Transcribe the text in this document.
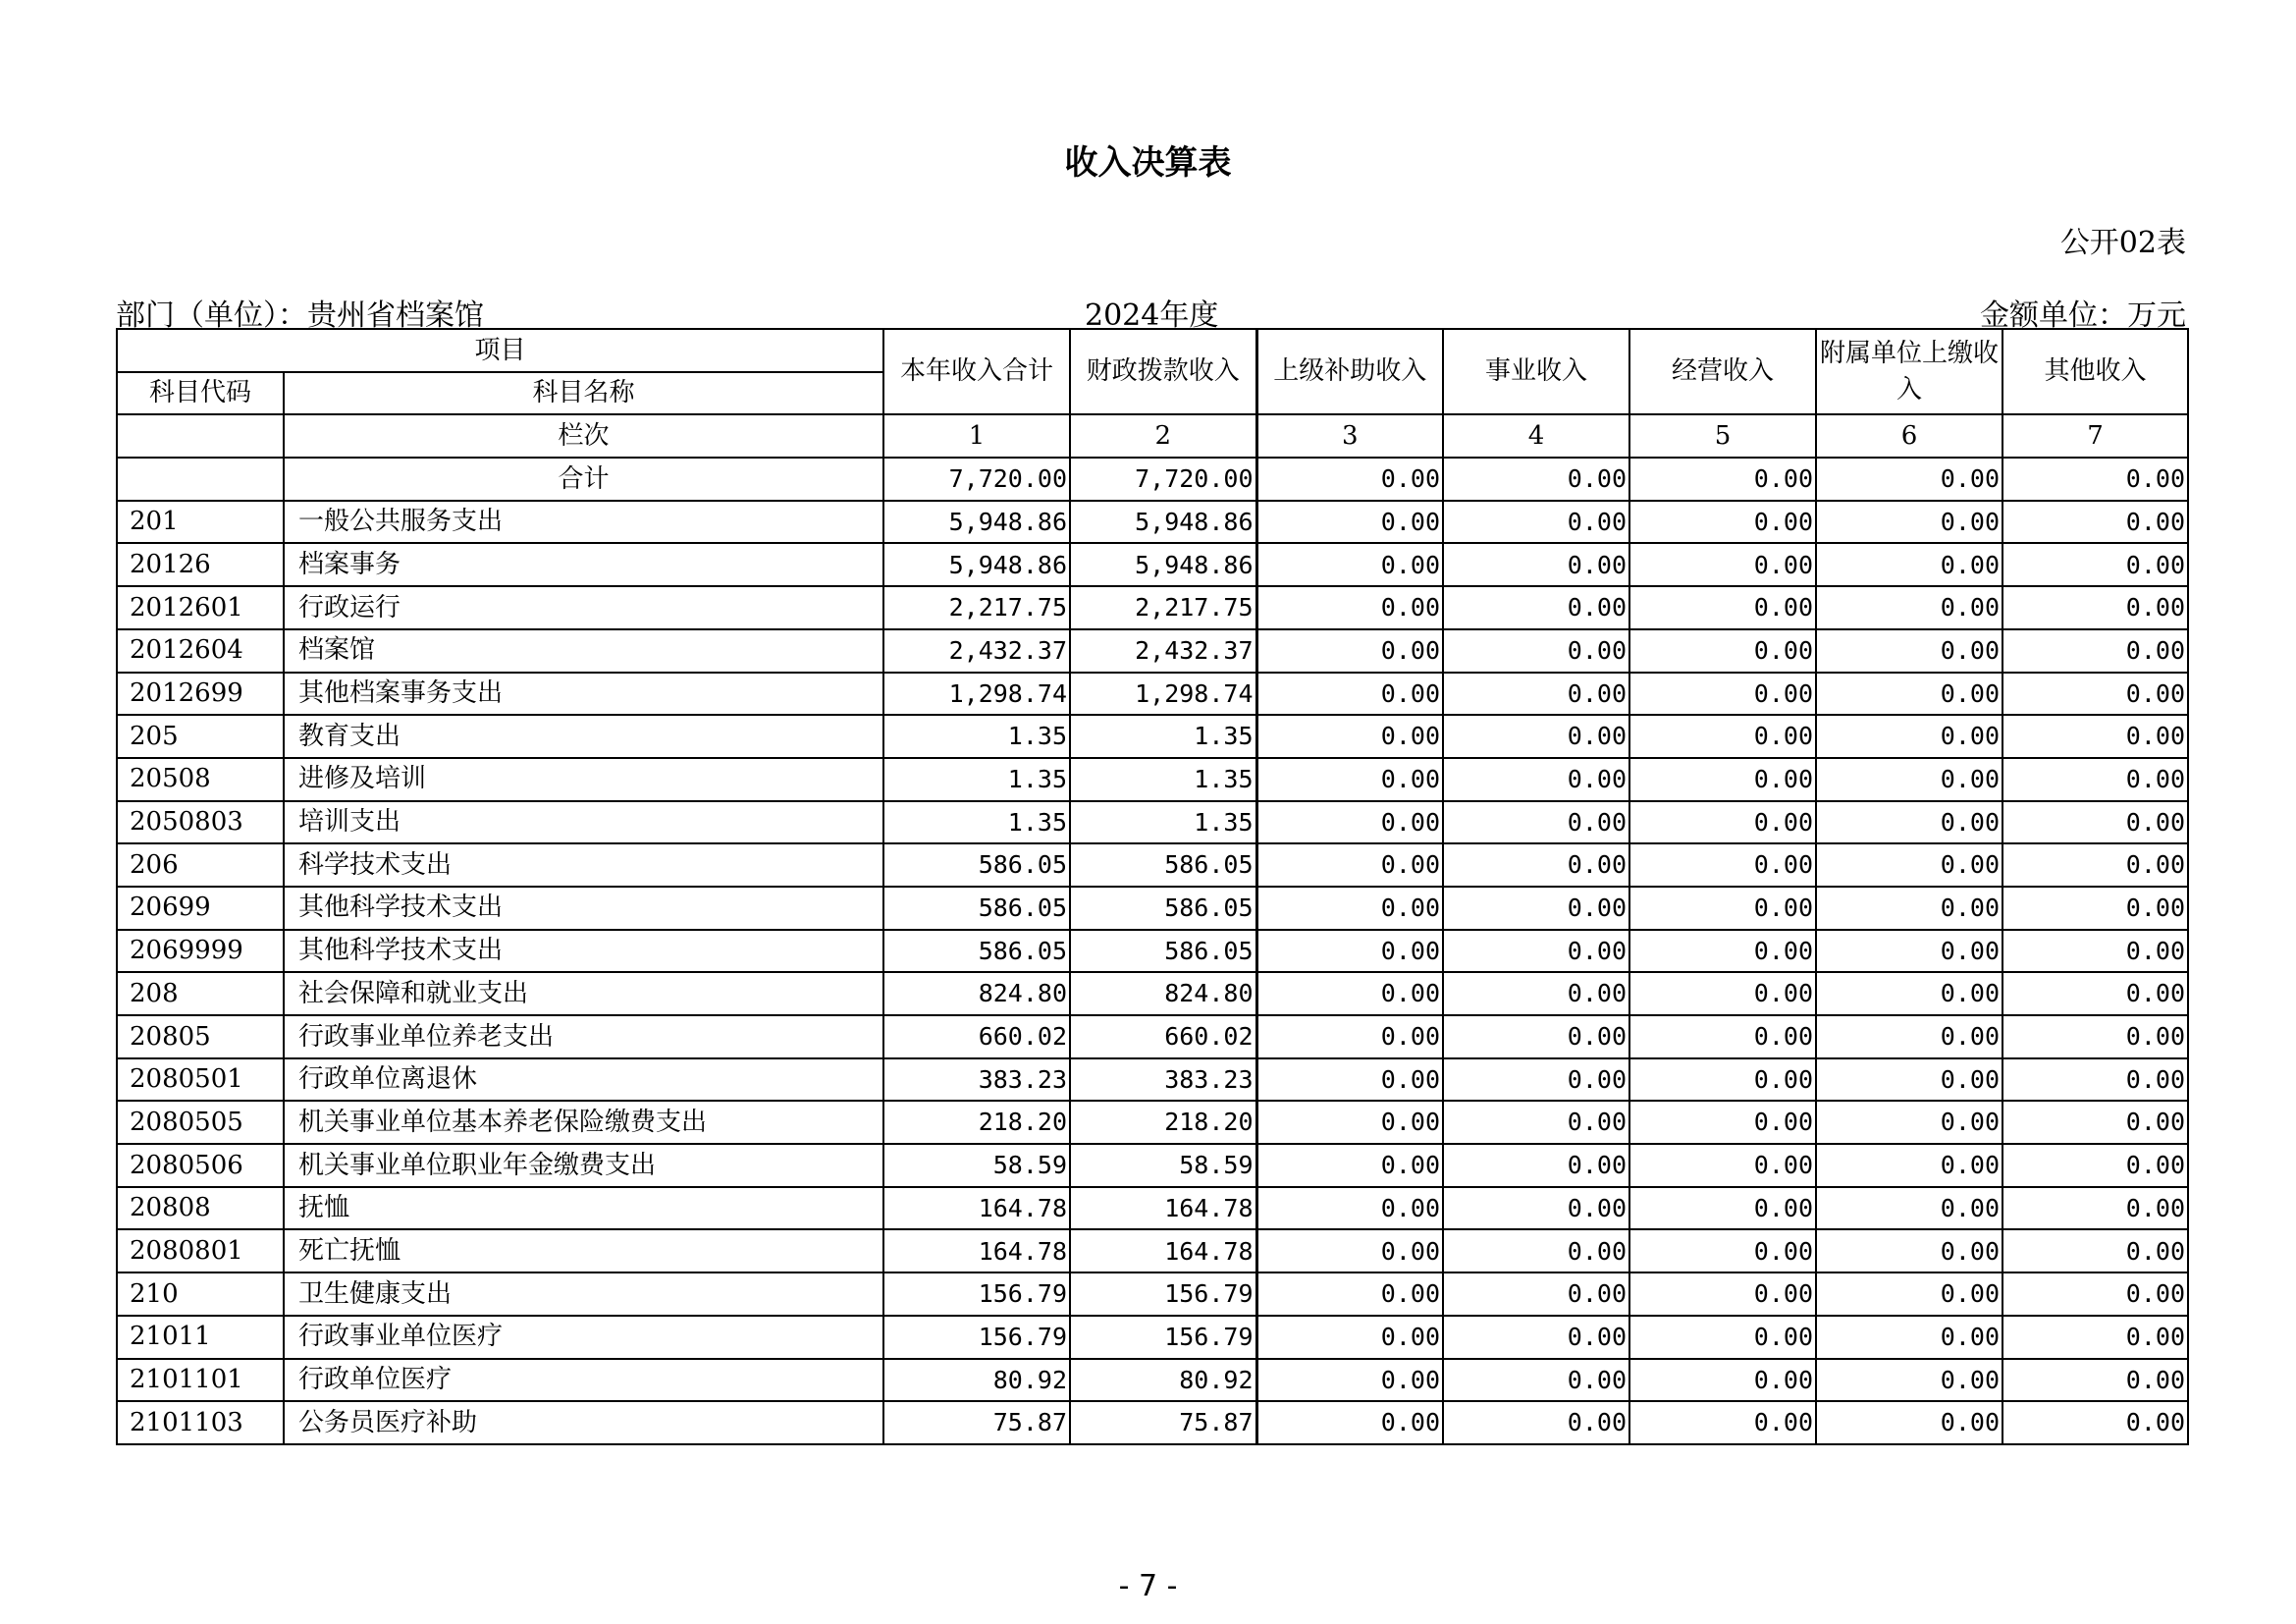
收入决算表
公开02表
部门（单位）：贵州省档案馆	2024年度	金额单位：万元
项目		本年收入合计	财政拨款收入	上级补助收入	事业收入	经营收入	附属单位上缴收入	其他收入
科目代码	科目名称							
	栏次	1	2	3	4	5	6	7
	合计	7,720.00	7,720.00	0.00	0.00	0.00	0.00	0.00
201	一般公共服务支出	5,948.86	5,948.86	0.00	0.00	0.00	0.00	0.00
20126	档案事务	5,948.86	5,948.86	0.00	0.00	0.00	0.00	0.00
2012601	行政运行	2,217.75	2,217.75	0.00	0.00	0.00	0.00	0.00
2012604	档案馆	2,432.37	2,432.37	0.00	0.00	0.00	0.00	0.00
2012699	其他档案事务支出	1,298.74	1,298.74	0.00	0.00	0.00	0.00	0.00
205	教育支出	1.35	1.35	0.00	0.00	0.00	0.00	0.00
20508	进修及培训	1.35	1.35	0.00	0.00	0.00	0.00	0.00
2050803	培训支出	1.35	1.35	0.00	0.00	0.00	0.00	0.00
206	科学技术支出	586.05	586.05	0.00	0.00	0.00	0.00	0.00
20699	其他科学技术支出	586.05	586.05	0.00	0.00	0.00	0.00	0.00
2069999	其他科学技术支出	586.05	586.05	0.00	0.00	0.00	0.00	0.00
208	社会保障和就业支出	824.80	824.80	0.00	0.00	0.00	0.00	0.00
20805	行政事业单位养老支出	660.02	660.02	0.00	0.00	0.00	0.00	0.00
2080501	行政单位离退休	383.23	383.23	0.00	0.00	0.00	0.00	0.00
2080505	机关事业单位基本养老保险缴费支出	218.20	218.20	0.00	0.00	0.00	0.00	0.00
2080506	机关事业单位职业年金缴费支出	58.59	58.59	0.00	0.00	0.00	0.00	0.00
20808	抚恤	164.78	164.78	0.00	0.00	0.00	0.00	0.00
2080801	死亡抚恤	164.78	164.78	0.00	0.00	0.00	0.00	0.00
210	卫生健康支出	156.79	156.79	0.00	0.00	0.00	0.00	0.00
21011	行政事业单位医疗	156.79	156.79	0.00	0.00	0.00	0.00	0.00
2101101	行政单位医疗	80.92	80.92	0.00	0.00	0.00	0.00	0.00
2101103	公务员医疗补助	75.87	75.87	0.00	0.00	0.00	0.00	0.00
- 7 -
